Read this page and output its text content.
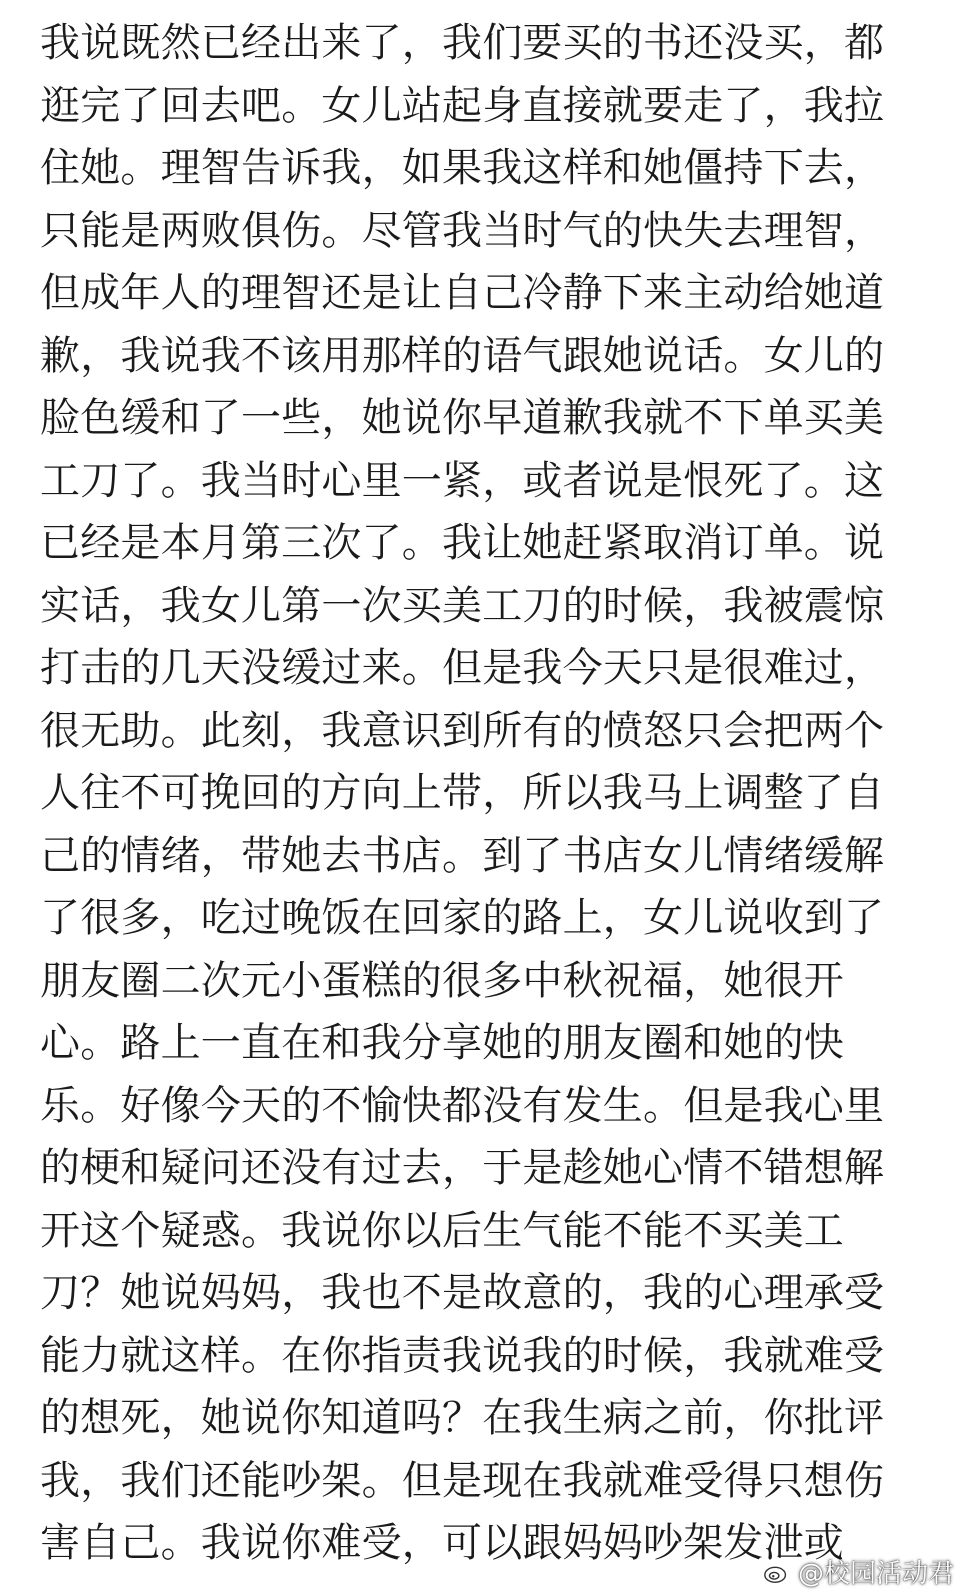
我说既然已经出来了，我们要买的书还没买，都
逛完了回去吧。女儿站起身直接就要走了，我拉
住她。理智告诉我，如果我这样和她僵持下去，
只能是两败俱伤。尽管我当时气的快失去理智，
但成年人的理智还是让自己冷静下来主动给她道
歉，我说我不该用那样的语气跟她说话。女儿的
脸色缓和了一些，她说你早道歉我就不下单买美
工刀了。我当时心里一紧，或者说是恨死了。这
已经是本月第三次了。我让她赶紧取消订单。说
实话，我女儿第一次买美工刀的时候，我被震惊
打击的几天没缓过来。但是我今天只是很难过，
很无助。此刻，我意识到所有的愤怒只会把两个
人往不可挽回的方向上带，所以我马上调整了自
己的情绪，带她去书店。到了书店女儿情绪缓解
了很多，吃过晚饭在回家的路上，女儿说收到了
朋友圈二次元小蛋糕的很多中秋祝福，她很开
心。路上一直在和我分享她的朋友圈和她的快
乐。好像今天的不愉快都没有发生。但是我心里
的梗和疑问还没有过去，于是趁她心情不错想解
开这个疑惑。我说你以后生气能不能不买美工
刀？她说妈妈，我也不是故意的，我的心理承受
能力就这样。在你指责我说我的时候，我就难受
的想死，她说你知道吗？在我生病之前，你批评
我，我们还能吵架。但是现在我就难受得只想伤
害自己。我说你难受，可以跟妈妈吵架发泄或
@校园活动君
